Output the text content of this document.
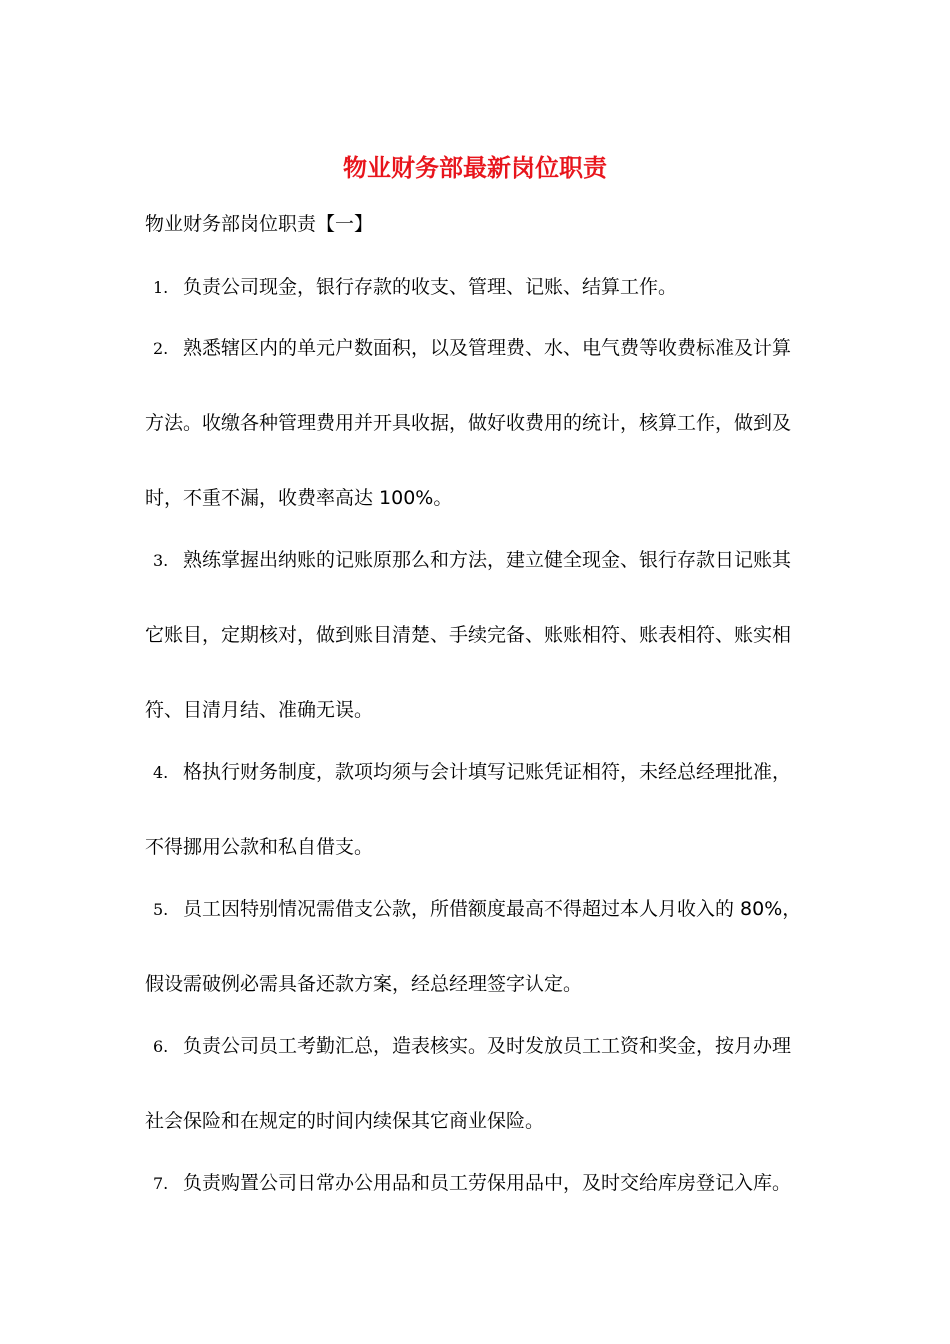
物业财务部最新岗位职责
物业财务部岗位职责【一】
1. 负责公司现金，银行存款的收支、管理、记账、结算工作。
2. 熟悉辖区内的单元户数面积，以及管理费、水、电气费等收费标准及计算
方法。收缴各种管理费用并开具收据，做好收费用的统计，核算工作，做到及
时，不重不漏，收费率高达 100%。
3. 熟练掌握出纳账的记账原那么和方法，建立健全现金、银行存款日记账其
它账目，定期核对，做到账目清楚、手续完备、账账相符、账表相符、账实相
符、目清月结、准确无误。
4. 格执行财务制度，款项均须与会计填写记账凭证相符，未经总经理批准，
不得挪用公款和私自借支。
5. 员工因特别情况需借支公款，所借额度最高不得超过本人月收入的 80%，
假设需破例必需具备还款方案，经总经理签字认定。
6. 负责公司员工考勤汇总，造表核实。及时发放员工工资和奖金，按月办理
社会保险和在规定的时间内续保其它商业保险。
7. 负责购置公司日常办公用品和员工劳保用品中，及时交给库房登记入库。
